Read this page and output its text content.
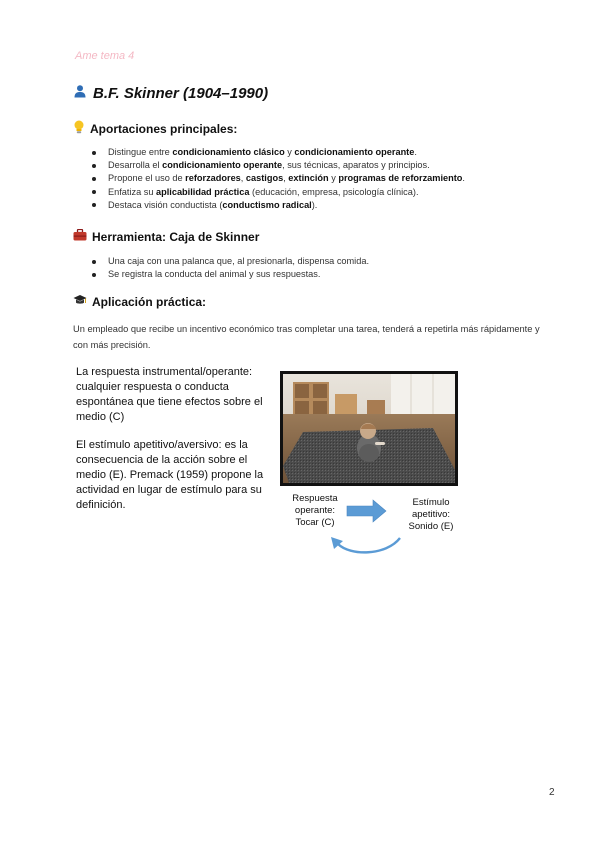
Ame tema 4
B.F. Skinner (1904–1990)
Aportaciones principales:
Distingue entre condicionamiento clásico y condicionamiento operante.
Desarrolla el condicionamiento operante, sus técnicas, aparatos y principios.
Propone el uso de reforzadores, castigos, extinción y programas de reforzamiento.
Enfatiza su aplicabilidad práctica (educación, empresa, psicología clínica).
Destaca visión conductista (conductismo radical).
Herramienta: Caja de Skinner
Una caja con una palanca que, al presionarla, dispensa comida.
Se registra la conducta del animal y sus respuestas.
Aplicación práctica:
Un empleado que recibe un incentivo económico tras completar una tarea, tenderá a repetirla más rápidamente y con más precisión.

La respuesta instrumental/operante: cualquier respuesta o conducta espontánea que tiene efectos sobre el medio (C)

El estímulo apetitivo/aversivo: es la consecuencia de la acción sobre el medio (E). Premack (1959) propone la actividad en lugar de estímulo para su definición.

Respuesta
operante:
Tocar (C)
Estímulo
apetitivo:
Sonido (E)
2
